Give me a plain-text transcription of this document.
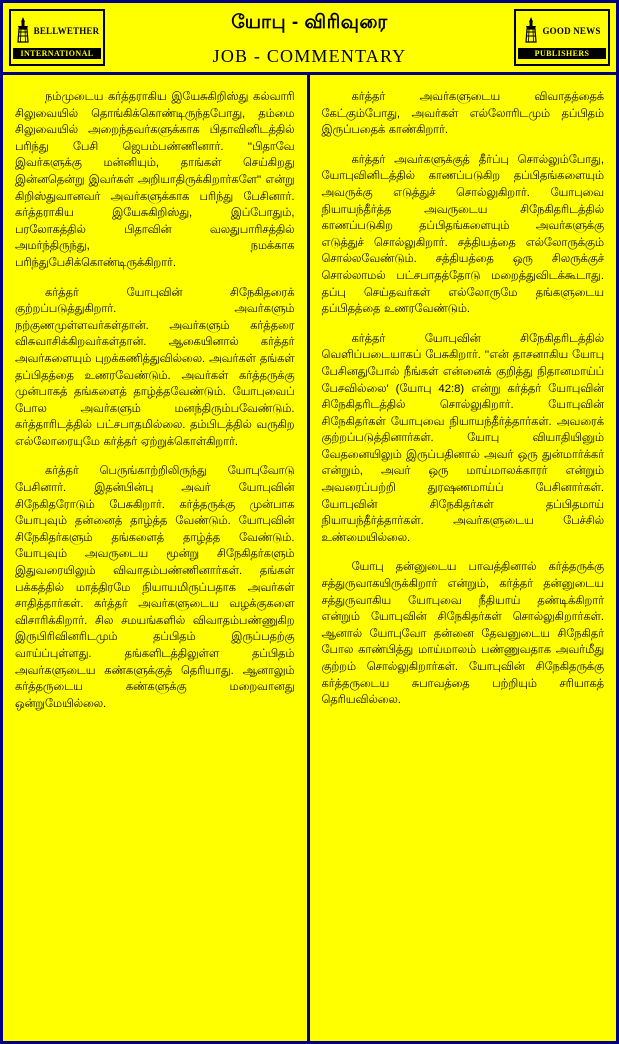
BELLWETHER
INTERNATIONAL
யோபு - விரிவுரை
JOB - COMMENTARY
GOOD NEWS
PUBLISHERS

நம்முடைய கர்த்தராகிய இயேசுகிறிஸ்து கல்வாரி சிலுவையில் தொங்கிக்கொண்டிருந்தபோது, தம்மை சிலுவையில் அறைந்தவர்களுக்காக பிதாவினிடத்தில் பரிந்து பேசி ஜெபம்பண்ணினார். ''பிதாவே இவர்களுக்கு மன்னியும், தாங்கள் செய்கிறது இன்னதென்று இவர்கள் அறியாதிருக்கிறார்களே'' என்று கிறிஸ்துவானவர் அவர்களுக்காக பரிந்து பேசினார். கர்த்தராகிய இயேசுகிறிஸ்து, இப்போதும், பரலோகத்தில் பிதாவின் வலதுபாரிசத்தில் அமர்ந்திருந்து, நமக்காக பரிந்துபேசிக்கொண்டிருக்கிறார்.

கர்த்தர் யோபுவின் சிநேகிதரைக் குற்றப்படுத்துகிறார். அவர்களும் நற்குணமுள்ளவர்கள்தான். அவர்களும் கர்த்தரை விசுவாசிக்கிறவர்கள்தான். ஆகையினால் கர்த்தர் அவர்களையும் புறக்கணித்துவில்லை. அவர்கள் தங்கள் தப்பிதத்தை உணரவேண்டும். அவர்கள் கர்த்தருக்கு முன்பாகத் தங்களைத் தாழ்த்தவேண்டும். யோபுவைப் போல அவர்களும் மனந்திரும்பவேண்டும். கர்த்தாரிடத்தில் பட்சபாதமில்லை. தம்பிடத்தில் வருகிற எல்லோரையுமே கர்த்தர் ஏற்றுக்கொள்கிறார்.

கர்த்தர் பெருங்காற்றிலிருந்து யோபுவோடு பேசினார். இதன்பின்பு அவர் யோபுவின் சிநேகிதரோடும் பேசுகிறார். கர்த்தருக்கு முன்பாக யோபுவும் தன்னைத் தாழ்த்த வேண்டும். யோபுவின் சிநேகிதர்களும் தங்களைத் தாழ்த்த வேண்டும். யோபுவும் அவருடைய மூன்று சிநேகிதர்களும் இதுவரையிலும் விவாதம்பண்ணினார்கள். தங்கள் பக்கத்தில் மாத்திரமே நியாயமிருப்பதாக அவர்கள் சாதித்தார்கள். கர்த்தர் அவர்களுடைய வழக்குகளை விசாரிக்கிறார். சில சமயங்களில் விவாதம்பண்ணுகிற இருபிரிவினரிடமும் தப்பிதம் இருப்பதற்கு வாய்ப்புள்ளது. தங்களிடத்திலுள்ள தப்பிதம் அவர்களுடைய கண்களுக்குத் தெரியாது. ஆனாலும் கர்த்தருடைய கண்களுக்கு மறைவானது ஒன்றுமேயில்லை.

கர்த்தர் அவர்களுடைய விவாதத்தைக் கேட்கும்போது, அவர்கள் எல்லோரிடமும் தப்பிதம் இருப்பதைக் காண்கிறார்.

கர்த்தர் அவர்களுக்குத் தீர்ப்பு சொல்லும்போது, யோபுவினிடத்தில் காணப்படுகிற தப்பிதங்களையும் அவருக்கு எடுத்துச் சொல்லுகிறார். யோபுவை நியாயந்தீர்த்த அவருடைய சிநேகிதரிடத்தில் காணப்படுகிற தப்பிதங்களையும் அவர்களுக்கு எடுத்துச் சொல்லுகிறார். சத்தியத்தை எல்லோருக்கும் சொல்லவேண்டும். சத்தியத்தை ஒரு சிலருக்குச் சொல்லாமல் பட்சபாதத்தோடு மறைத்துவிடக்கூடாது. தப்பு செய்தவர்கள் எல்லோருமே தங்களுடைய தப்பிதத்தை உணரவேண்டும்.

கர்த்தர் யோபுவின் சிநேகிதரிடத்தில் வெளிப்படையாகப் பேசுகிறார். ''என் தாசனாகிய யோபு பேசினதுபோல் நீங்கள் என்னைக் குறித்து நிதானமாய்ப் பேசவில்லை' (யோபு 42:8) என்று கர்த்தர் யோபுவின் சிநேகிதரிடத்தில் சொல்லுகிறார். யோபுவின் சிநேகிதர்கள் யோபுவை நியாயந்தீர்த்தார்கள். அவரைக் குற்றப்படுத்தினார்கள். யோபு வியாதியினும் வேதனையிலும் இருப்பதினால் அவர் ஒரு துன்மார்க்கர் என்றும், அவர் ஒரு மாய்மாலக்காரர் என்றும் அவரைப்பற்றி துரஷணமாய்ப் பேசினார்கள். யோபுவின் சிநேகிதர்கள் தப்பிதமாய் நியாயந்தீர்த்தார்கள். அவர்களுடைய பேச்சில் உண்மையில்லை.

யோபு தன்னுடைய பாவத்தினால் கர்த்தருக்கு சத்துருவாகயிருக்கிறார் என்றும், கர்த்தர் தன்னுடைய சத்துருவாகிய யோபுவை நீதியாய் தண்டிக்கிறார் என்றும் யோபுவின் சிநேகிதர்கள் சொல்லுகிறார்கள். ஆனால் யோபுவோ தன்னை தேவனுடைய சிநேகிதர் போல காண்பித்து மாய்மாலம் பண்ணுவதாக அவர்மீது குற்றம் சொல்லுகிறார்கள். யோபுவின் சிநேகிதருக்கு கர்த்தருடைய சுபாவத்தை பற்றியும் சரியாகத் தெரியவில்லை.
